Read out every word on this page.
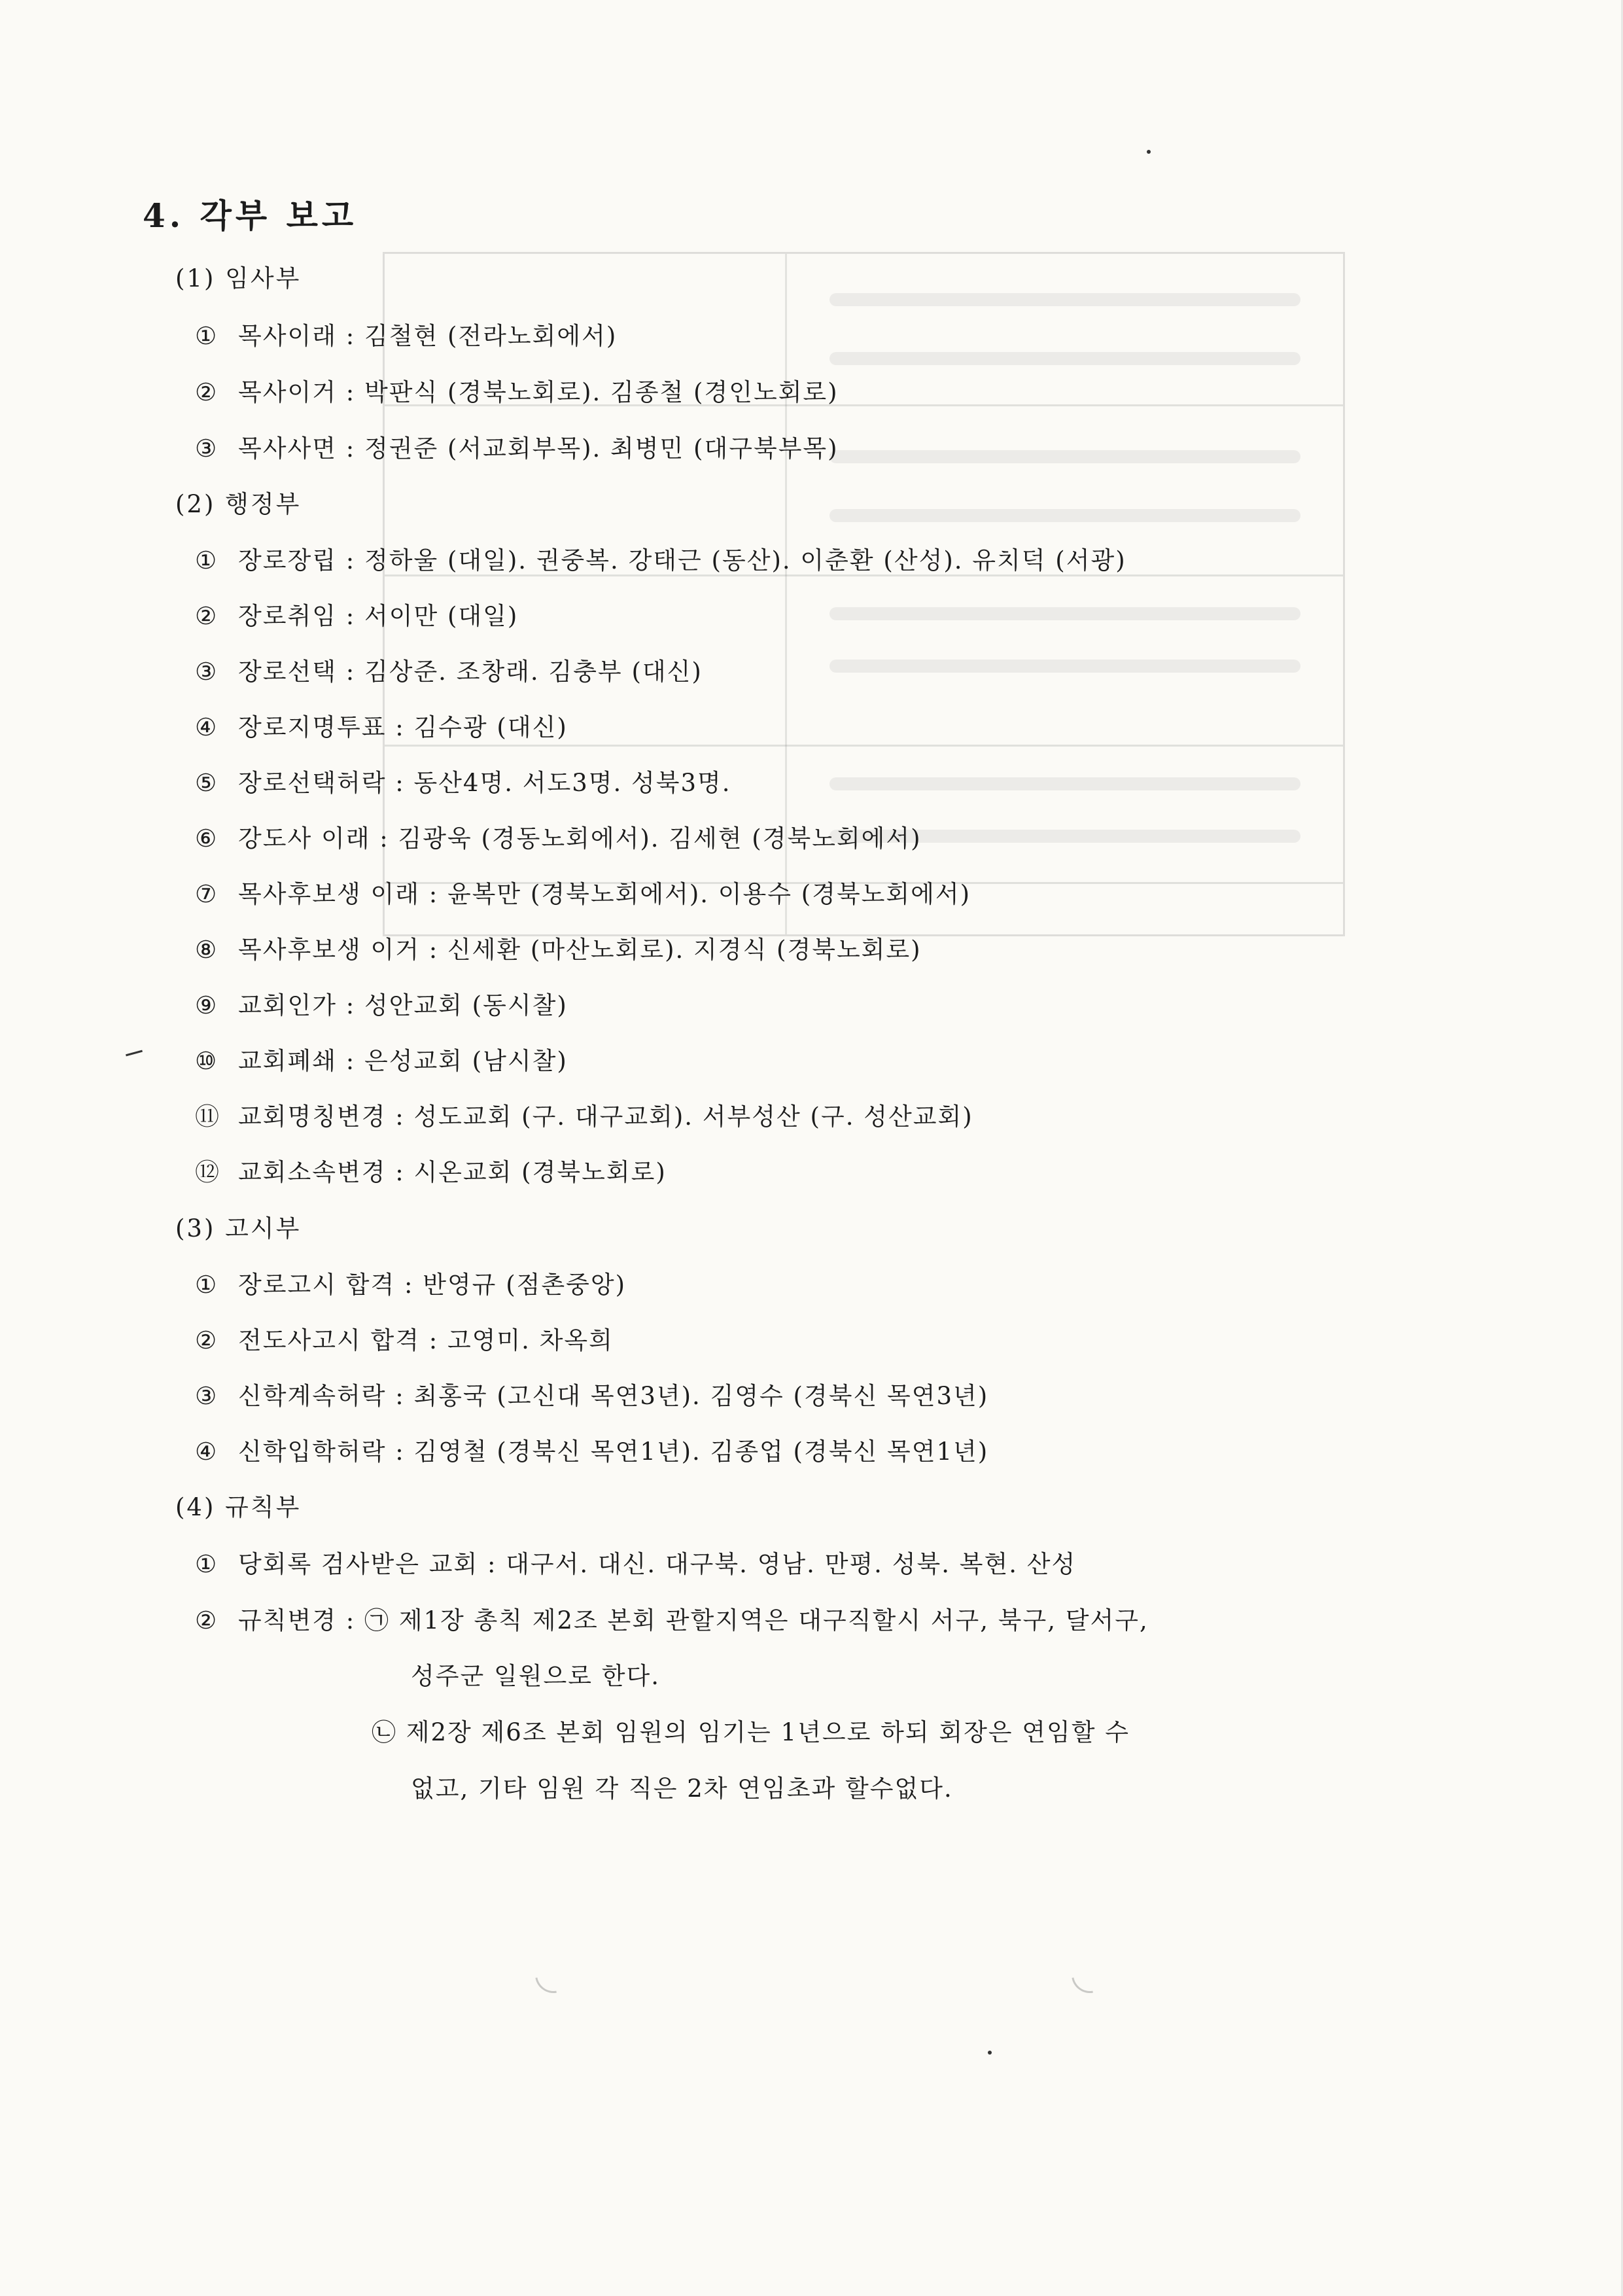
4. 각부 보고
(1) 임사부
① 목사이래 : 김철현 (전라노회에서)
② 목사이거 : 박판식 (경북노회로). 김종철 (경인노회로)
③ 목사사면 : 정권준 (서교회부목). 최병민 (대구북부목)
(2) 행정부
① 장로장립 : 정하울 (대일). 권중복. 강태근 (동산). 이춘환 (산성). 유치덕 (서광)
② 장로취임 : 서이만 (대일)
③ 장로선택 : 김상준. 조창래. 김충부 (대신)
④ 장로지명투표 : 김수광 (대신)
⑤ 장로선택허락 : 동산4명. 서도3명. 성북3명.
⑥ 강도사 이래 : 김광욱 (경동노회에서). 김세현 (경북노회에서)
⑦ 목사후보생 이래 : 윤복만 (경북노회에서). 이용수 (경북노회에서)
⑧ 목사후보생 이거 : 신세환 (마산노회로). 지경식 (경북노회로)
⑨ 교회인가 : 성안교회 (동시찰)
⑩ 교회폐쇄 : 은성교회 (남시찰)
⑪ 교회명칭변경 : 성도교회 (구. 대구교회). 서부성산 (구. 성산교회)
⑫ 교회소속변경 : 시온교회 (경북노회로)
(3) 고시부
① 장로고시 합격 : 반영규 (점촌중앙)
② 전도사고시 합격 : 고영미. 차옥희
③ 신학계속허락 : 최홍국 (고신대 목연3년). 김영수 (경북신 목연3년)
④ 신학입학허락 : 김영철 (경북신 목연1년). 김종업 (경북신 목연1년)
(4) 규칙부
① 당회록 검사받은 교회 : 대구서. 대신. 대구북. 영남. 만평. 성북. 복현. 산성
② 규칙변경 : ㉠ 제1장 총칙 제2조 본회 관할지역은 대구직할시 서구, 북구, 달서구,
성주군 일원으로 한다.
㉡ 제2장 제6조 본회 임원의 임기는 1년으로 하되 회장은 연임할 수
없고, 기타 임원 각 직은 2차 연임초과 할수없다.
